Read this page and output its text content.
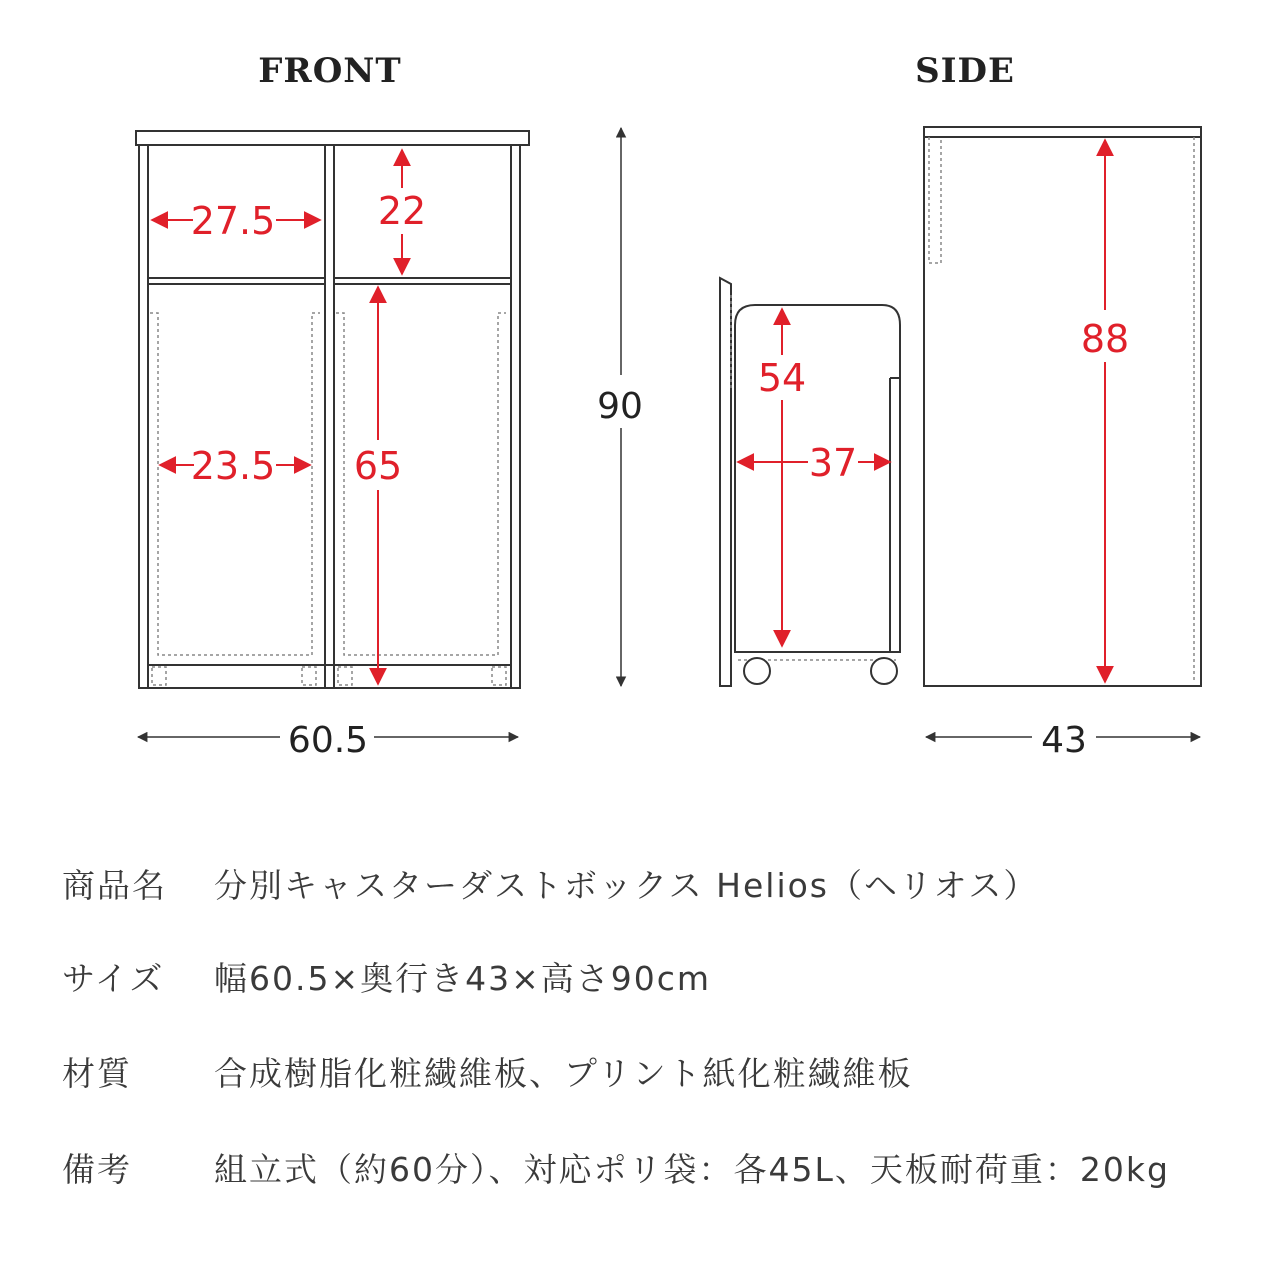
FRONT	SIDE
27.5	22
23.5 65
60.5
90
54
37
88
43
商品名	分別キャスターダストボックス Helios（ヘリオス）
サイズ	幅60.5×奥行き43×高さ90cm
材質	合成樹脂化粧繊維板、プリント紙化粧繊維板
備考	組立式（約60分）、対応ポリ袋：各45L、天板耐荷重：20kg
